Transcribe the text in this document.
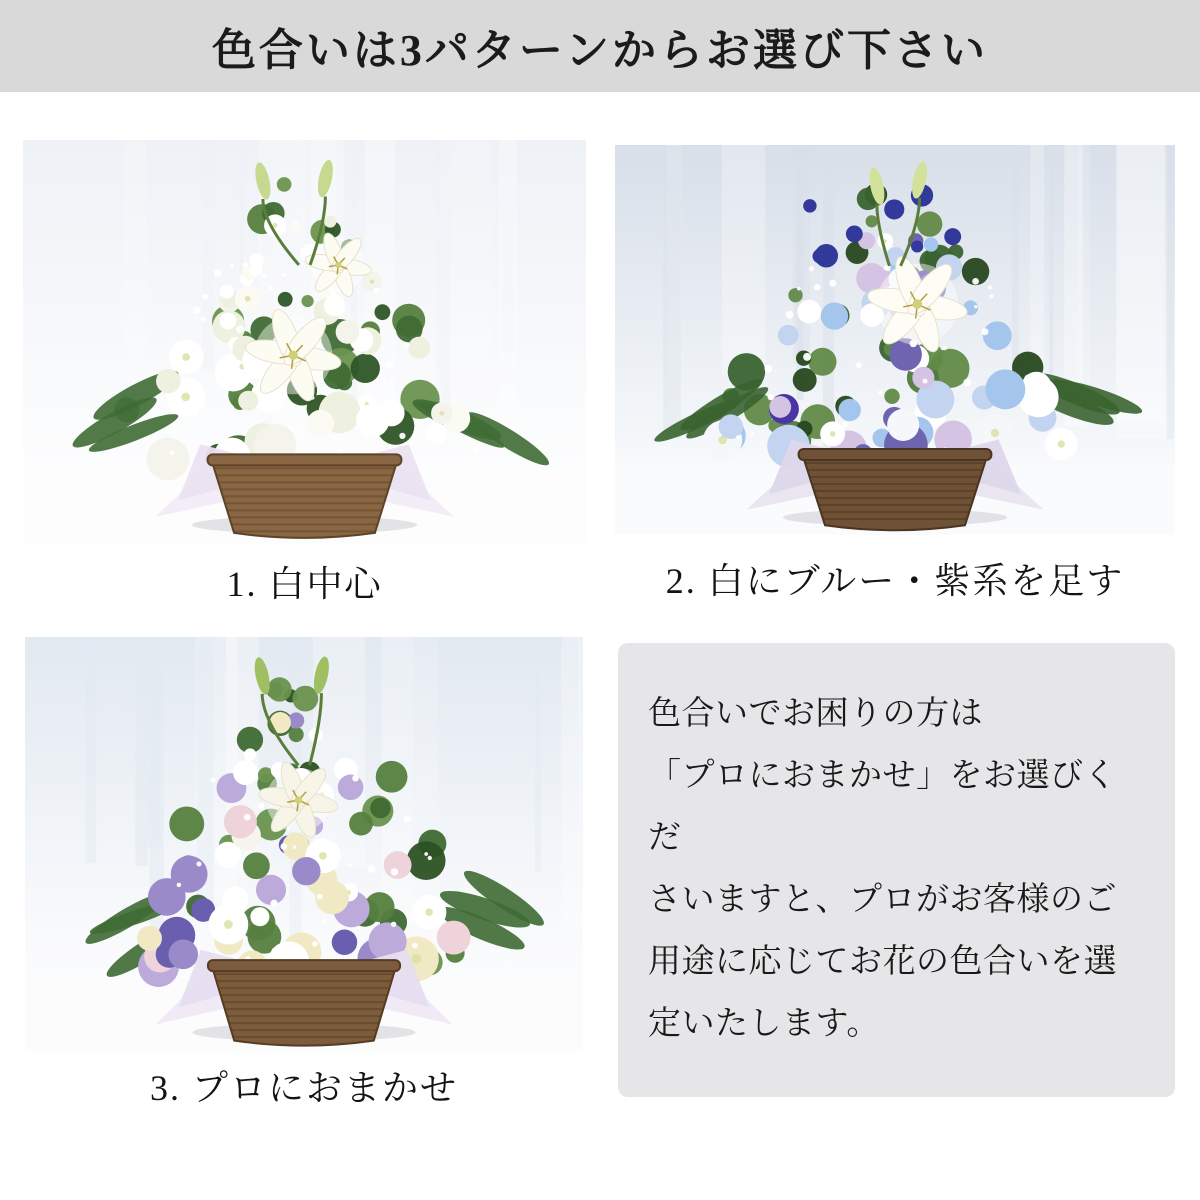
色合いは3パターンからお選び下さい
1. 白中心	2. 白にブルー・紫系を足す
3. プロにおまかせ

色合いでお困りの方は

「プロにおまかせ」をお選びくだ

さいますと、プロがお客様のご

用途に応じてお花の色合いを選

定いたします。
